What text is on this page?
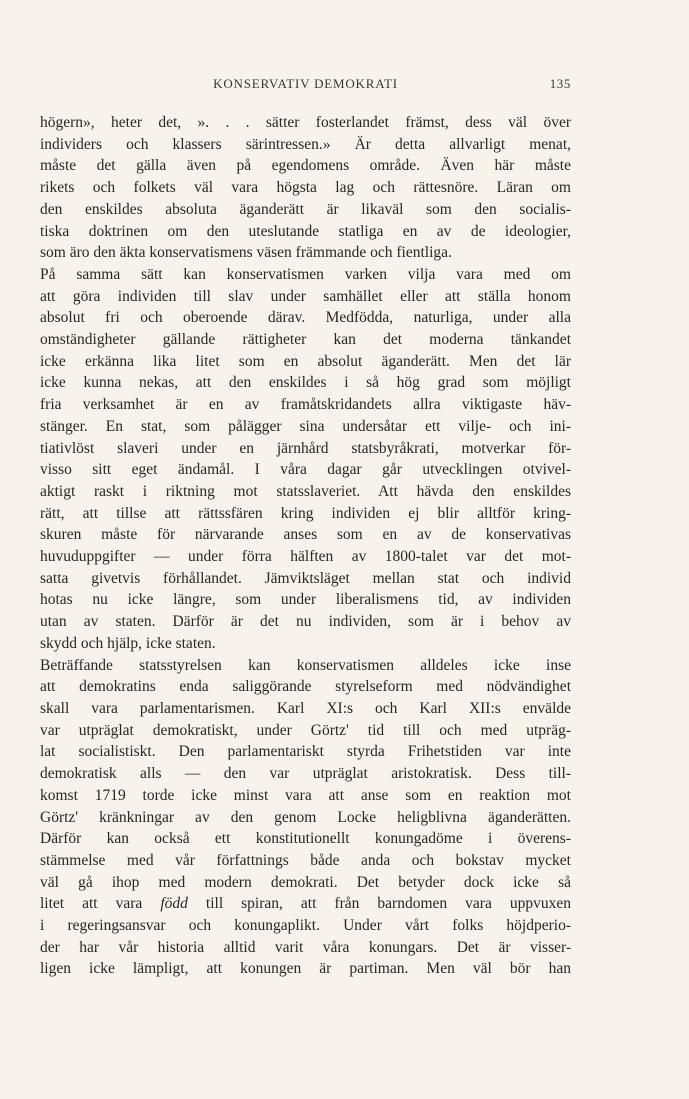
KONSERVATIV DEMOKRATI	135
högern», heter det, ». . . sätter fosterlandet främst, dess väl över
individers och klassers särintressen.» Är detta allvarligt menat,
måste det gälla även på egendomens område. Även här måste
rikets och folkets väl vara högsta lag och rättesnöre. Läran om
den enskildes absoluta äganderätt är likaväl som den socialis-
tiska doktrinen om den uteslutande statliga en av de ideologier,
som äro den äkta konservatismens väsen främmande och fientliga.
På samma sätt kan konservatismen varken vilja vara med om
att göra individen till slav under samhället eller att ställa honom
absolut fri och oberoende därav. Medfödda, naturliga, under alla
omständigheter gällande rättigheter kan det moderna tänkandet
icke erkänna lika litet som en absolut äganderätt. Men det lär
icke kunna nekas, att den enskildes i så hög grad som möjligt
fria verksamhet är en av framåtskridandets allra viktigaste häv-
stänger. En stat, som pålägger sina undersåtar ett vilje- och ini-
tiativlöst slaveri under en järnhård statsbyråkrati, motverkar för-
visso sitt eget ändamål. I våra dagar går utvecklingen otvivel-
aktigt raskt i riktning mot statsslaveriet. Att hävda den enskildes
rätt, att tillse att rättssfären kring individen ej blir alltför kring-
skuren måste för närvarande anses som en av de konservativas
huvuduppgifter — under förra hälften av 1800-talet var det mot-
satta givetvis förhållandet. Jämviktsläget mellan stat och individ
hotas nu icke längre, som under liberalismens tid, av individen
utan av staten. Därför är det nu individen, som är i behov av
skydd och hjälp, icke staten.
Beträffande statsstyrelsen kan konservatismen alldeles icke inse
att demokratins enda saliggörande styrelseform med nödvändighet
skall vara parlamentarismen. Karl XI:s och Karl XII:s envälde
var utpräglat demokratiskt, under Görtz' tid till och med utpräg-
lat socialistiskt. Den parlamentariskt styrda Frihetstiden var inte
demokratisk alls — den var utpräglat aristokratisk. Dess till-
komst 1719 torde icke minst vara att anse som en reaktion mot
Görtz' kränkningar av den genom Locke heligblivna äganderätten.
Därför kan också ett konstitutionellt konungadöme i överens-
stämmelse med vår författnings både anda och bokstav mycket
väl gå ihop med modern demokrati. Det betyder dock icke så
litet att vara född till spiran, att från barndomen vara uppvuxen
i regeringsansvar och konungaplikt. Under vårt folks höjdperio-
der har vår historia alltid varit våra konungars. Det är visser-
ligen icke lämpligt, att konungen är partiman. Men väl bör han
